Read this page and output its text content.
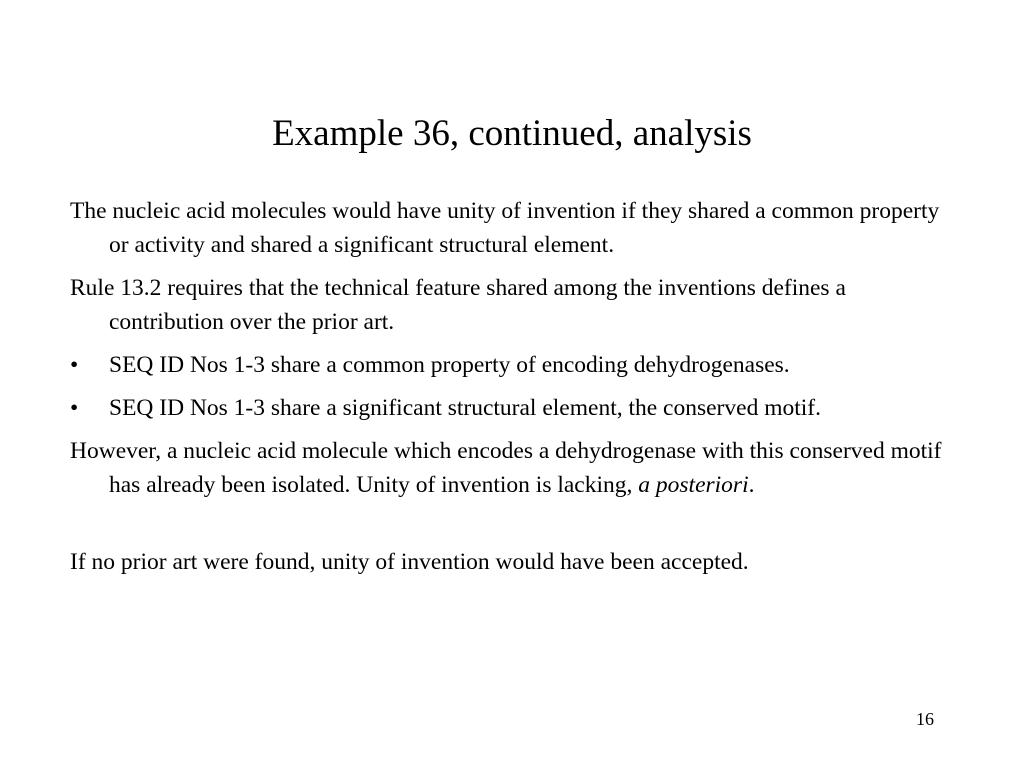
Example 36, continued, analysis
The nucleic acid molecules would have unity of invention if they shared a common property or activity and shared a significant structural element.
Rule 13.2 requires that the technical feature shared among the inventions defines a contribution over the prior art.
• SEQ ID Nos 1-3 share a common property of encoding dehydrogenases.
• SEQ ID Nos 1-3 share a significant structural element, the conserved motif.
However, a nucleic acid molecule which encodes a dehydrogenase with this conserved motif has already been isolated. Unity of invention is lacking, a posteriori.
If no prior art were found, unity of invention would have been accepted.
16
